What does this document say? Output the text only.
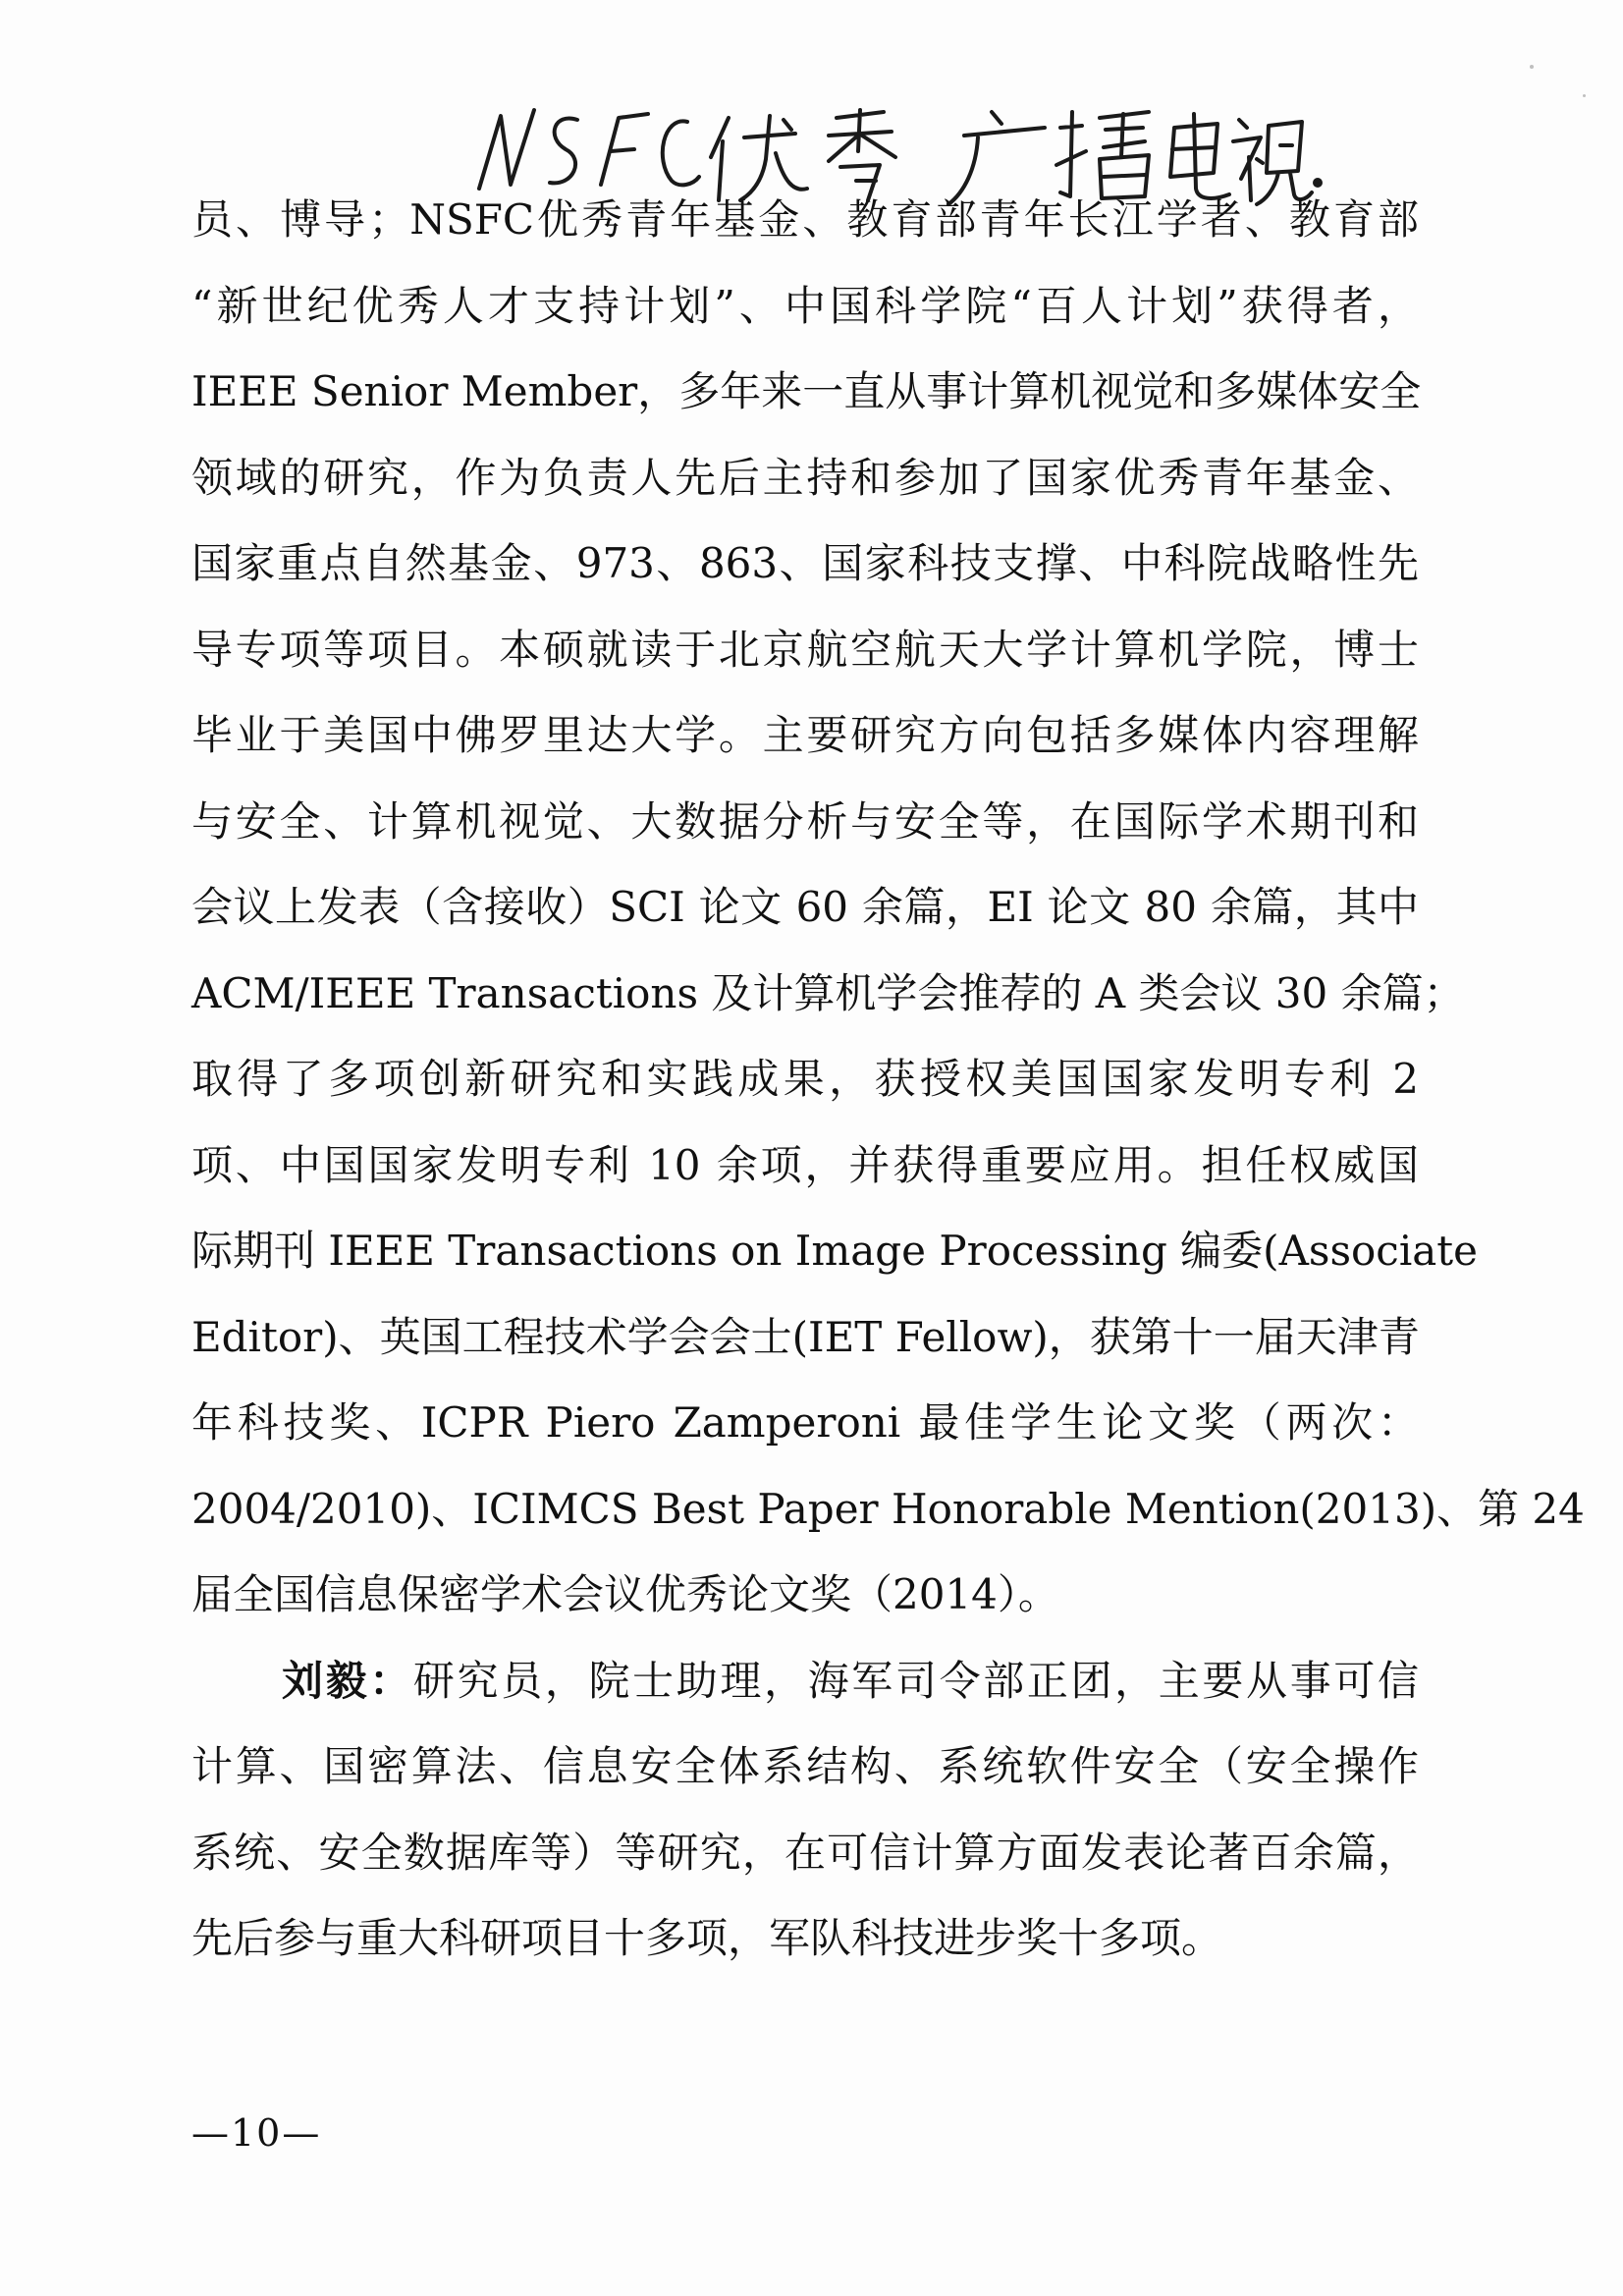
员、博导；NSFC优秀青年基金、教育部青年长江学者、教育部
“新世纪优秀人才支持计划”、中国科学院“百人计划”获得者，
IEEE Senior Member，多年来一直从事计算机视觉和多媒体安全
领域的研究，作为负责人先后主持和参加了国家优秀青年基金、
国家重点自然基金、973、863、国家科技支撑、中科院战略性先
导专项等项目。本硕就读于北京航空航天大学计算机学院，博士
毕业于美国中佛罗里达大学。主要研究方向包括多媒体内容理解
与安全、计算机视觉、大数据分析与安全等，在国际学术期刊和
会议上发表（含接收）SCI 论文 60 余篇，EI 论文 80 余篇，其中
ACM/IEEE Transactions 及计算机学会推荐的 A 类会议 30 余篇；
取得了多项创新研究和实践成果，获授权美国国家发明专利 2
项、中国国家发明专利 10 余项，并获得重要应用。担任权威国
际期刊 IEEE Transactions on Image Processing 编委(Associate
Editor)、英国工程技术学会会士(IET Fellow)，获第十一届天津青
年科技奖、ICPR Piero Zamperoni 最佳学生论文奖（两次：
2004/2010)、ICIMCS Best Paper Honorable Mention(2013)、第 24
届全国信息保密学术会议优秀论文奖（2014）。
刘毅：研究员，院士助理，海军司令部正团，主要从事可信
计算、国密算法、信息安全体系结构、系统软件安全（安全操作
系统、安全数据库等）等研究，在可信计算方面发表论著百余篇，
先后参与重大科研项目十多项，军队科技进步奖十多项。
—10—
